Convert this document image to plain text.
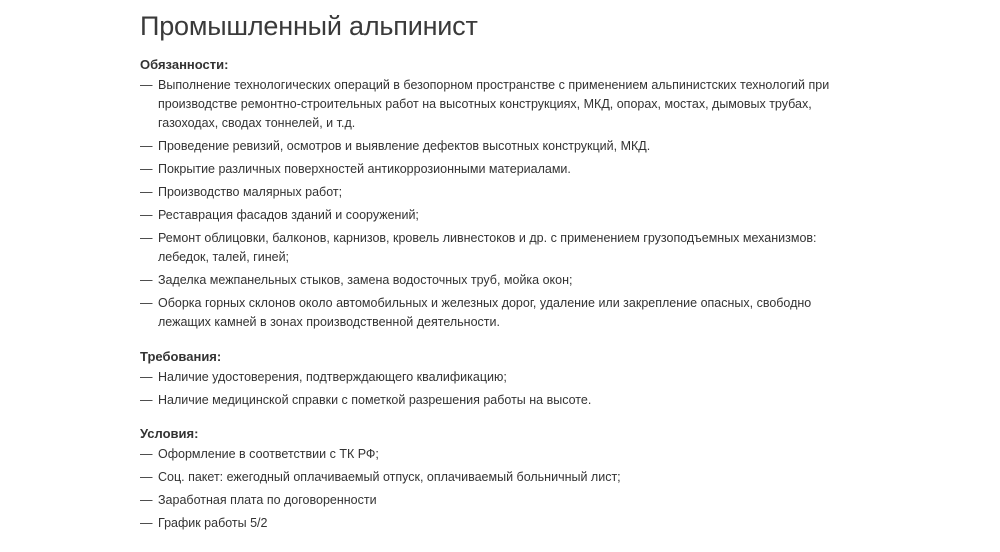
Промышленный альпинист
Обязанности:
—
Выполнение технологических операций в безопорном пространстве с применением альпинистских технологий при производстве ремонтно-строительных работ на высотных конструкциях, МКД, опорах, мостах, дымовых трубах, газоходах, сводах тоннелей, и т.д.
—
Проведение ревизий, осмотров и выявление дефектов высотных конструкций, МКД.
—
Покрытие различных поверхностей антикоррозионными материалами.
—
Производство малярных работ;
—
Реставрация фасадов зданий и сооружений;
—
Ремонт облицовки, балконов, карнизов, кровель ливнестоков и др. с применением грузоподъемных механизмов: лебедок, талей, гиней;
—
Заделка межпанельных стыков, замена водосточных труб, мойка окон;
—
Оборка горных склонов около автомобильных и железных дорог, удаление или закрепление опасных, свободно лежащих камней в зонах производственной деятельности.
Требования:
—
Наличие удостоверения, подтверждающего квалификацию;
—
Наличие медицинской справки с пометкой разрешения работы на высоте.
Условия:
—
Оформление в соответствии с ТК РФ;
—
Соц. пакет: ежегодный оплачиваемый отпуск, оплачиваемый больничный лист;
—
Заработная плата по договоренности
—
График работы 5/2
